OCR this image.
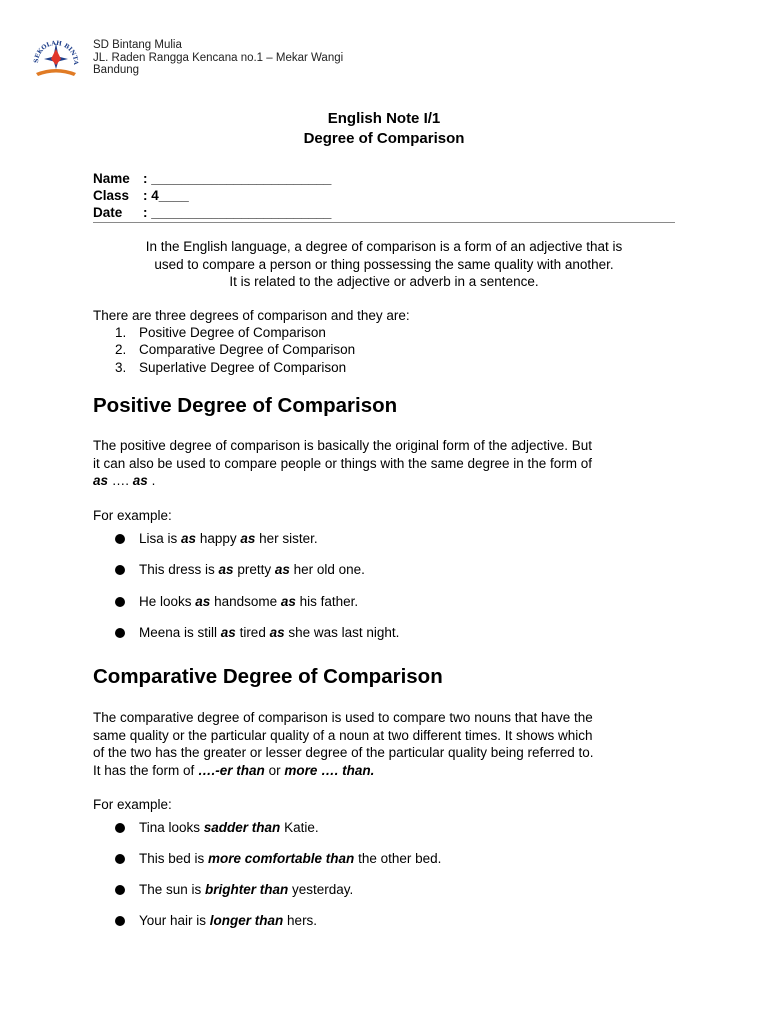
SEKOLAH BINTA
SD Bintang Mulia
JL. Raden Rangga Kencana no.1 – Mekar Wangi
Bandung
English Note I/1
Degree of Comparison
Name : ________________________
Class : 4____
Date : ________________________
In the English language, a degree of comparison is a form of an adjective that is
used to compare a person or thing possessing the same quality with another.
It is related to the adjective or adverb in a sentence.
There are three degrees of comparison and they are:
1. Positive Degree of Comparison
2. Comparative Degree of Comparison
3. Superlative Degree of Comparison
Positive Degree of Comparison
The positive degree of comparison is basically the original form of the adjective. But
it can also be used to compare people or things with the same degree in the form of
as …. as .
For example:
Lisa is as happy as her sister.
This dress is as pretty as her old one.
He looks as handsome as his father.
Meena is still as tired as she was last night.
Comparative Degree of Comparison
The comparative degree of comparison is used to compare two nouns that have the
same quality or the particular quality of a noun at two different times. It shows which
of the two has the greater or lesser degree of the particular quality being referred to.
It has the form of ….-er than or more …. than.
For example:
Tina looks sadder than Katie.
This bed is more comfortable than the other bed.
The sun is brighter than yesterday.
Your hair is longer than hers.
